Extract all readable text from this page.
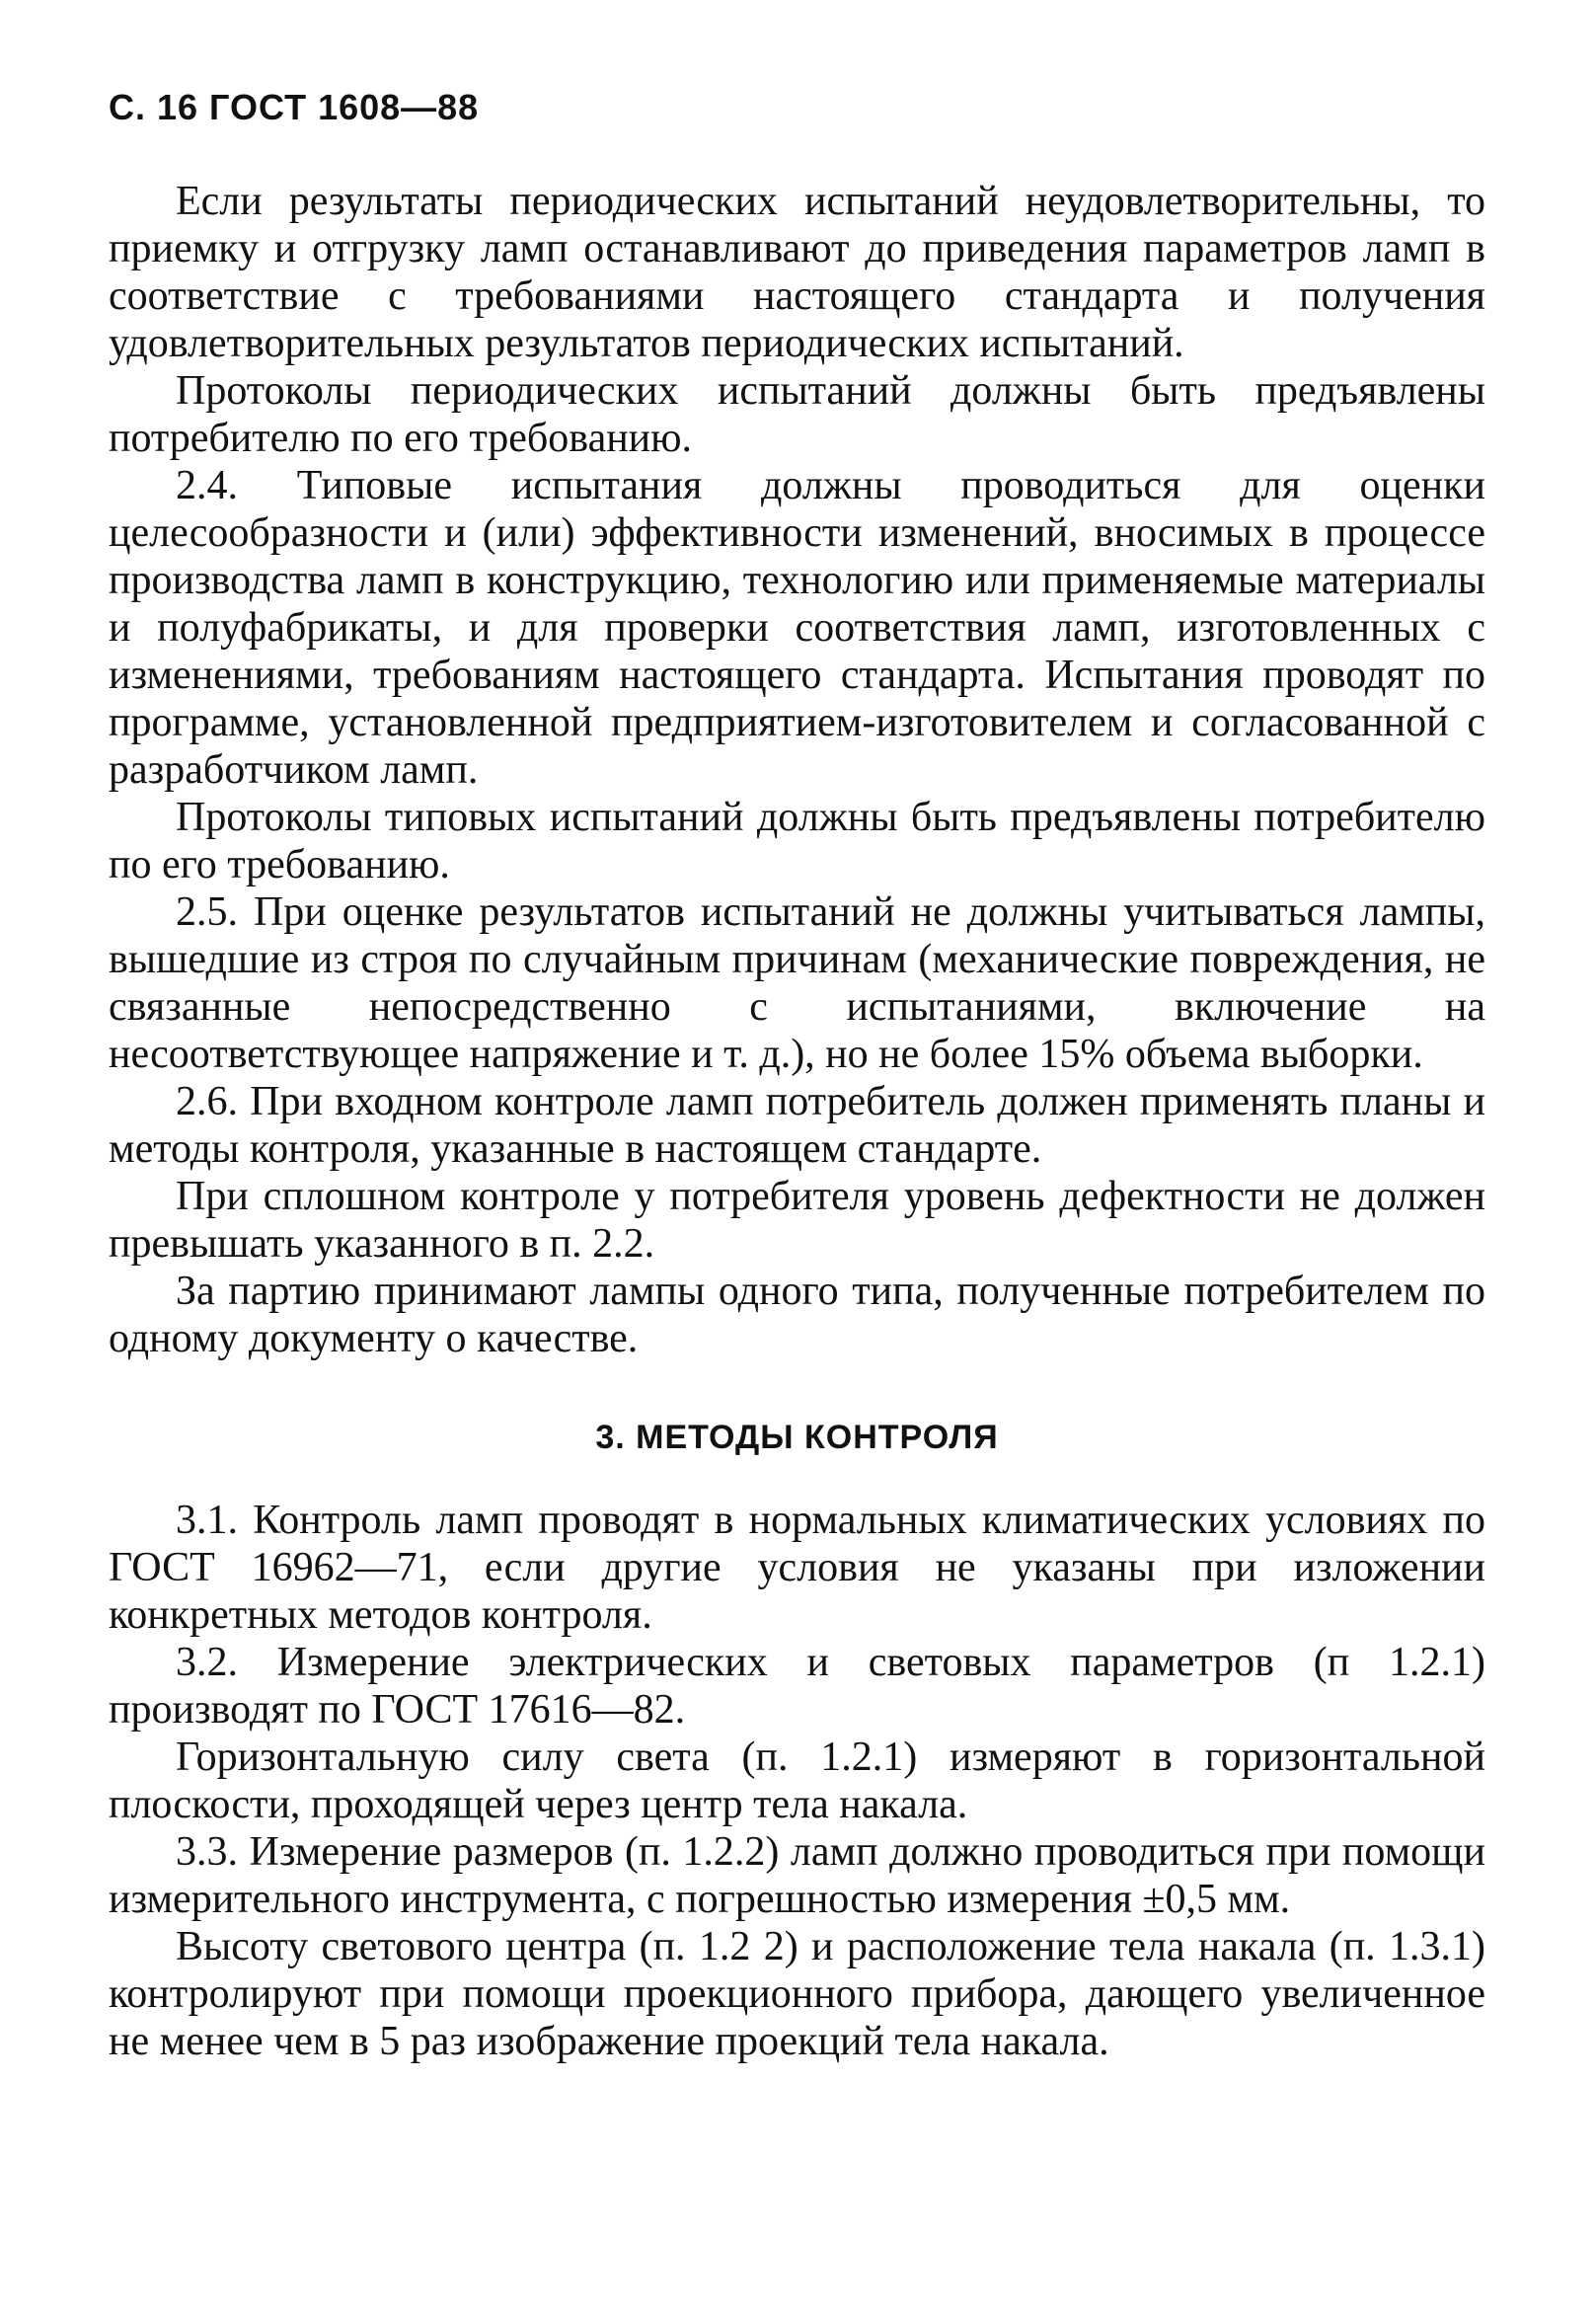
С. 16 ГОСТ 1608—88

Если результаты периодических испытаний неудовлетворительны, то приемку и отгрузку ламп останавливают до приведения параметров ламп в соответствие с требованиями настоящего стандарта и получения удовлетворительных результатов периодических испытаний.

Протоколы периодических испытаний должны быть предъявлены потребителю по его требованию.

2.4. Типовые испытания должны проводиться для оценки целесообразности и (или) эффективности изменений, вносимых в процессе производства ламп в конструкцию, технологию или применяемые материалы и полуфабрикаты, и для проверки соответствия ламп, изготовленных с изменениями, требованиям настоящего стандарта. Испытания проводят по программе, установленной предприятием-изготовителем и согласованной с разработчиком ламп.

Протоколы типовых испытаний должны быть предъявлены потребителю по его требованию.

2.5. При оценке результатов испытаний не должны учитываться лампы, вышедшие из строя по случайным причинам (механические повреждения, не связанные непосредственно с испытаниями, включение на несоответствующее напряжение и т. д.), но не более 15% объема выборки.

2.6. При входном контроле ламп потребитель должен применять планы и методы контроля, указанные в настоящем стандарте.

При сплошном контроле у потребителя уровень дефектности не должен превышать указанного в п. 2.2.

За партию принимают лампы одного типа, полученные потребителем по одному документу о качестве.

3. МЕТОДЫ КОНТРОЛЯ

3.1. Контроль ламп проводят в нормальных климатических условиях по ГОСТ 16962—71, если другие условия не указаны при изложении конкретных методов контроля.

3.2. Измерение электрических и световых параметров (п 1.2.1) производят по ГОСТ 17616—82.

Горизонтальную силу света (п. 1.2.1) измеряют в горизонтальной плоскости, проходящей через центр тела накала.

3.3. Измерение размеров (п. 1.2.2) ламп должно проводиться при помощи измерительного инструмента, с погрешностью измерения ±0,5 мм.

Высоту светового центра (п. 1.2 2) и расположение тела накала (п. 1.3.1) контролируют при помощи проекционного прибора, дающего увеличенное не менее чем в 5 раз изображение проекций тела накала.
